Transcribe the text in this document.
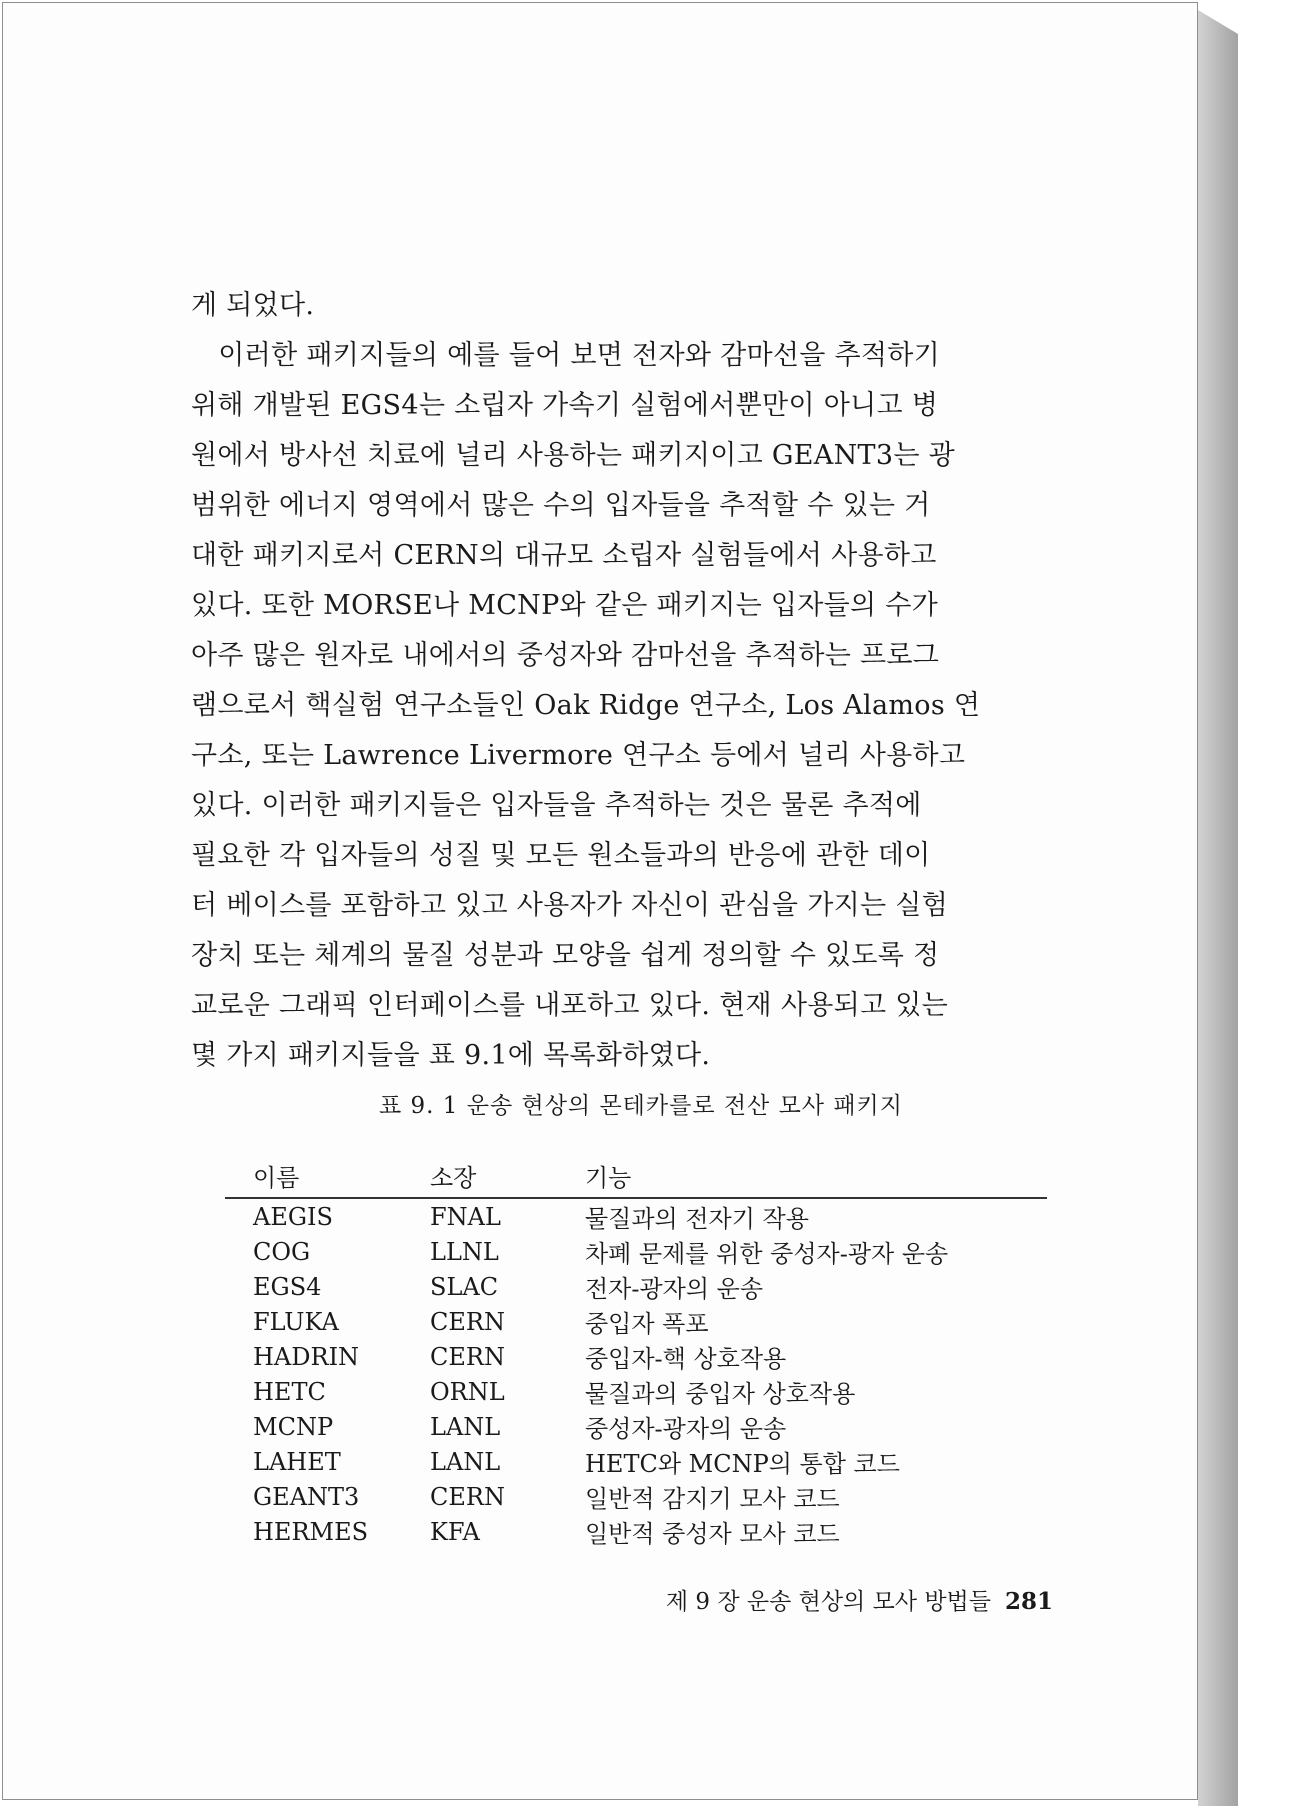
게 되었다.
　이러한 패키지들의 예를 들어 보면 전자와 감마선을 추적하기
위해 개발된 EGS4는 소립자 가속기 실험에서뿐만이 아니고 병
원에서 방사선 치료에 널리 사용하는 패키지이고 GEANT3는 광
범위한 에너지 영역에서 많은 수의 입자들을 추적할 수 있는 거
대한 패키지로서 CERN의 대규모 소립자 실험들에서 사용하고
있다. 또한 MORSE나 MCNP와 같은 패키지는 입자들의 수가
아주 많은 원자로 내에서의 중성자와 감마선을 추적하는 프로그
램으로서 핵실험 연구소들인 Oak Ridge 연구소, Los Alamos 연
구소, 또는 Lawrence Livermore 연구소 등에서 널리 사용하고
있다. 이러한 패키지들은 입자들을 추적하는 것은 물론 추적에
필요한 각 입자들의 성질 및 모든 원소들과의 반응에 관한 데이
터 베이스를 포함하고 있고 사용자가 자신이 관심을 가지는 실험
장치 또는 체계의 물질 성분과 모양을 쉽게 정의할 수 있도록 정
교로운 그래픽 인터페이스를 내포하고 있다. 현재 사용되고 있는
몇 가지 패키지들을 표 9.1에 목록화하였다.
표 9. 1 운송 현상의 몬테카를로 전산 모사 패키지
이름	소장	기능
AEGIS	FNAL	물질과의 전자기 작용
COG	LLNL	차폐 문제를 위한 중성자-광자 운송
EGS4	SLAC	전자-광자의 운송
FLUKA	CERN	중입자 폭포
HADRIN	CERN	중입자-핵 상호작용
HETC	ORNL	물질과의 중입자 상호작용
MCNP	LANL	중성자-광자의 운송
LAHET	LANL	HETC와 MCNP의 통합 코드
GEANT3	CERN	일반적 감지기 모사 코드
HERMES	KFA	일반적 중성자 모사 코드
제 9 장 운송 현상의 모사 방법들 281
